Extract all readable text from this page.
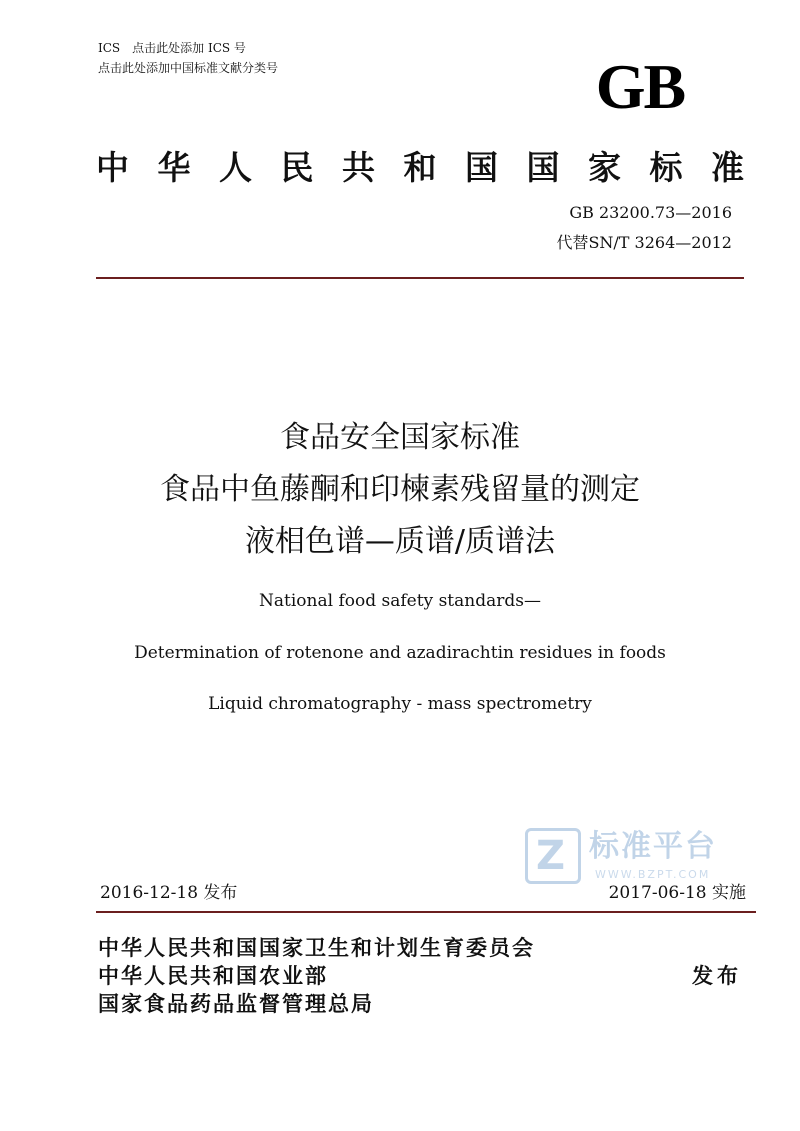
ICS　点击此处添加 ICS 号
点击此处添加中国标准文献分类号	GB
中 华 人 民 共 和 国 国 家 标 准
GB 23200.73—2016
代替SN/T 3264—2012
食品安全国家标准
食品中鱼藤酮和印楝素残留量的测定
液相色谱—质谱/质谱法
National food safety standards—
Determination of rotenone and azadirachtin residues in foods
Liquid chromatography - mass spectrometry
Z 标准平台
WWW.BZPT.COM
2016-12-18 发布	2017-06-18 实施
中华人民共和国国家卫生和计划生育委员会
中华人民共和国农业部
国家食品药品监督管理总局
发布
